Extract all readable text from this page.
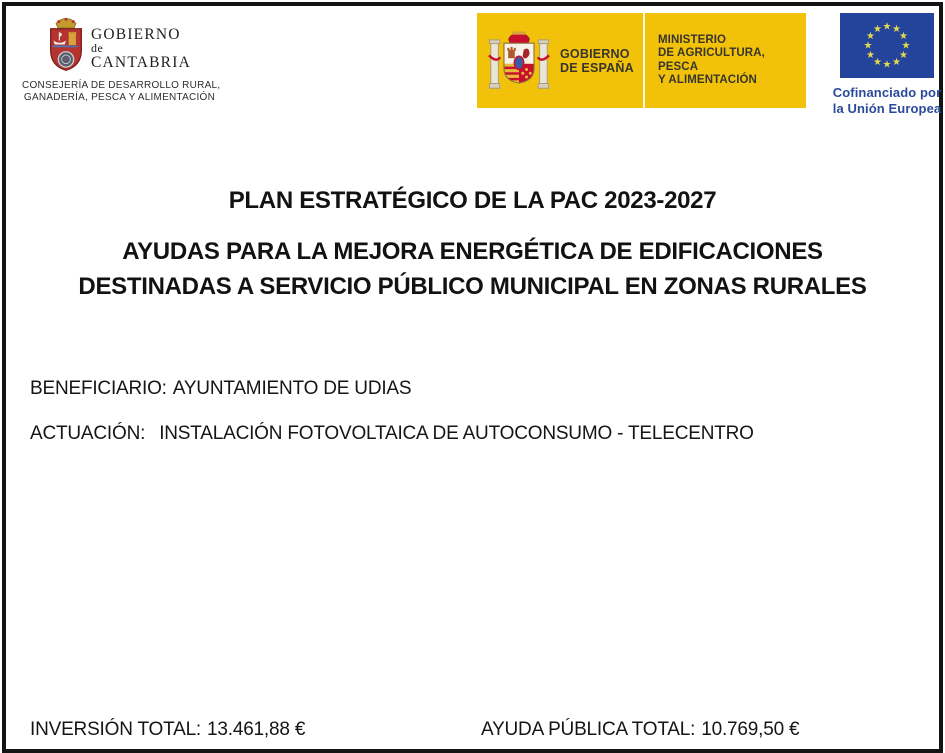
GOBIERNO
de
CANTABRIA
CONSEJERÍA DE DESARROLLO RURAL,
GANADERÍA, PESCA Y ALIMENTACIÓN
GOBIERNO
DE ESPAÑA
MINISTERIO
DE AGRICULTURA, PESCA
Y ALIMENTACIÓN
★ ★
★
★
★
★
★
★
★
★
★
★
Cofinanciado por
la Unión Europea
PLAN ESTRATÉGICO DE LA PAC 2023-2027
AYUDAS PARA LA MEJORA ENERGÉTICA DE EDIFICACIONES
DESTINADAS A SERVICIO PÚBLICO MUNICIPAL EN ZONAS RURALES
BENEFICIARIO: AYUNTAMIENTO DE UDIAS
ACTUACIÓN: INSTALACIÓN FOTOVOLTAICA DE AUTOCONSUMO - TELECENTRO
INVERSIÓN TOTAL: 13.461,88 €	AYUDA PÚBLICA TOTAL: 10.769,50 €
